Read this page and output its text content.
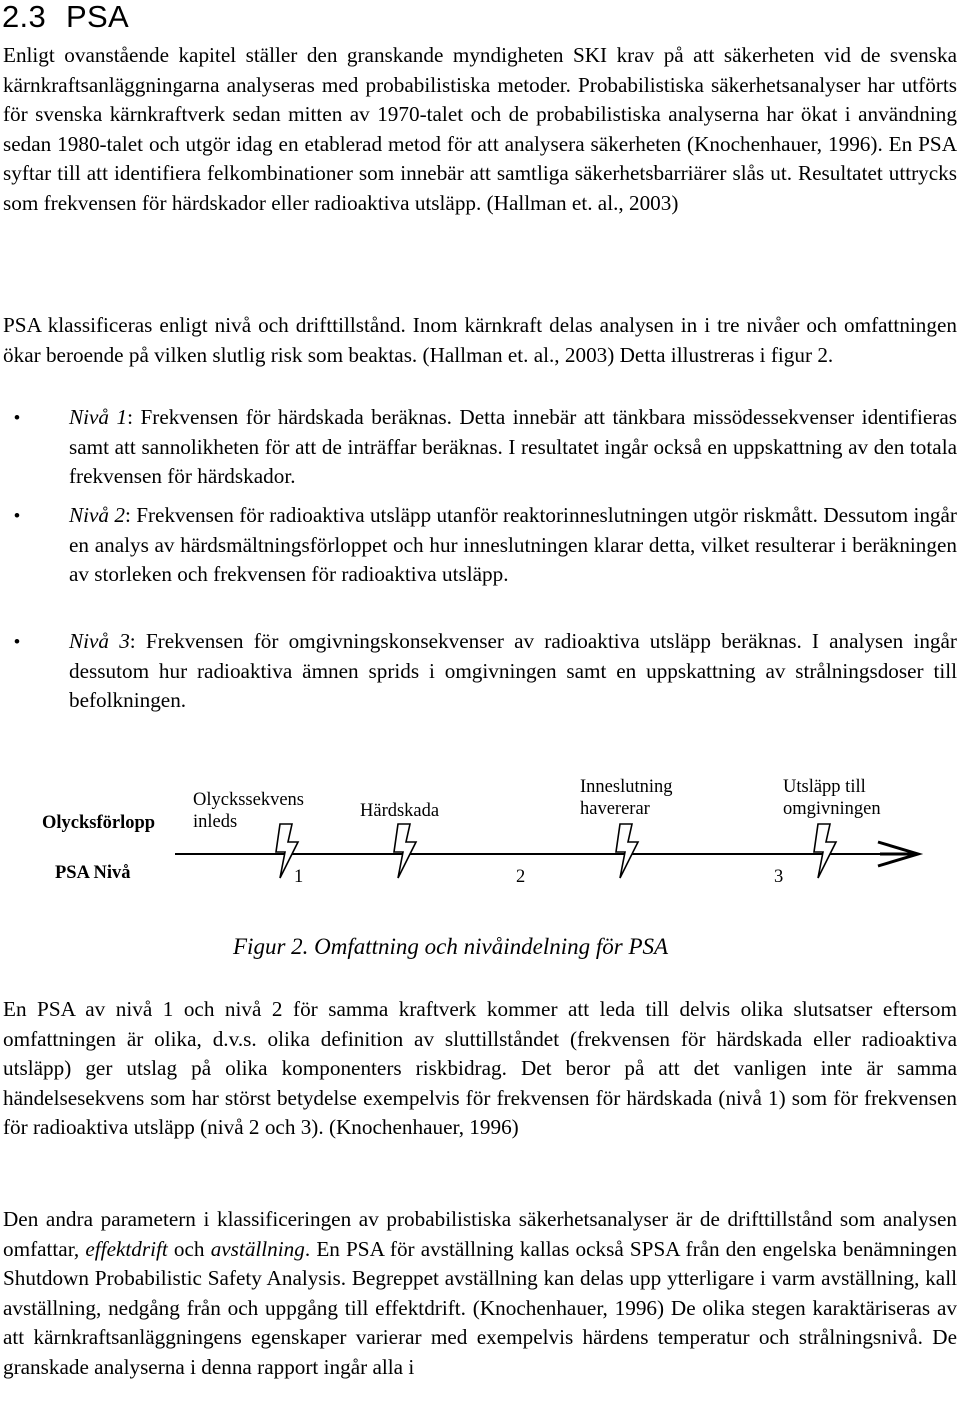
2.3 PSA

Enligt ovanstående kapitel ställer den granskande myndigheten SKI krav på att säkerheten vid de svenska kärnkraftsanläggningarna analyseras med probabilistiska metoder. Probabilistiska säkerhetsanalyser har utförts för svenska kärnkraftverk sedan mitten av 1970-talet och de probabilistiska analyserna har ökat i användning sedan 1980-talet och utgör idag en etablerad metod för att analysera säkerheten (Knochenhauer, 1996). En PSA syftar till att identifiera felkombinationer som innebär att samtliga säkerhetsbarriärer slås ut. Resultatet uttrycks som frekvensen för härdskador eller radioaktiva utsläpp. (Hallman et. al., 2003)

PSA klassificeras enligt nivå och drifttillstånd. Inom kärnkraft delas analysen in i tre nivåer och omfattningen ökar beroende på vilken slutlig risk som beaktas. (Hallman et. al., 2003) Detta illustreras i figur 2.

• Nivå 1: Frekvensen för härdskada beräknas. Detta innebär att tänkbara missödessekvenser identifieras samt att sannolikheten för att de inträffar beräknas. I resultatet ingår också en uppskattning av den totala frekvensen för härdskador.
• Nivå 2: Frekvensen för radioaktiva utsläpp utanför reaktorinneslutningen utgör riskmått. Dessutom ingår en analys av härdsmältningsförloppet och hur inneslutningen klarar detta, vilket resulterar i beräkningen av storleken och frekvensen för radioaktiva utsläpp.
• Nivå 3: Frekvensen för omgivningskonsekvenser av radioaktiva utsläpp beräknas. I analysen ingår dessutom hur radioaktiva ämnen sprids i omgivningen samt en uppskattning av strålningsdoser till befolkningen.
Olycksförlopp
PSA Nivå
Olyckssekvens
inleds
Härdskada
Inneslutning
havererar
Utsläpp till
omgivningen
1	2	3

Figur 2. Omfattning och nivåindelning för PSA

En PSA av nivå 1 och nivå 2 för samma kraftverk kommer att leda till delvis olika slutsatser eftersom omfattningen är olika, d.v.s. olika definition av sluttillståndet (frekvensen för härdskada eller radioaktiva utsläpp) ger utslag på olika komponenters riskbidrag. Det beror på att det vanligen inte är samma händelsesekvens som har störst betydelse exempelvis för frekvensen för härdskada (nivå 1) som för frekvensen för radioaktiva utsläpp (nivå 2 och 3). (Knochenhauer, 1996)

Den andra parametern i klassificeringen av probabilistiska säkerhetsanalyser är de drifttillstånd som analysen omfattar, effektdrift och avställning. En PSA för avställning kallas också SPSA från den engelska benämningen Shutdown Probabilistic Safety Analysis. Begreppet avställning kan delas upp ytterligare i varm avställning, kall avställning, nedgång från och uppgång till effektdrift. (Knochenhauer, 1996) De olika stegen karaktäriseras av att kärnkraftsanläggningens egenskaper varierar med exempelvis härdens temperatur och strålningsnivå. De granskade analyserna i denna rapport ingår alla i
